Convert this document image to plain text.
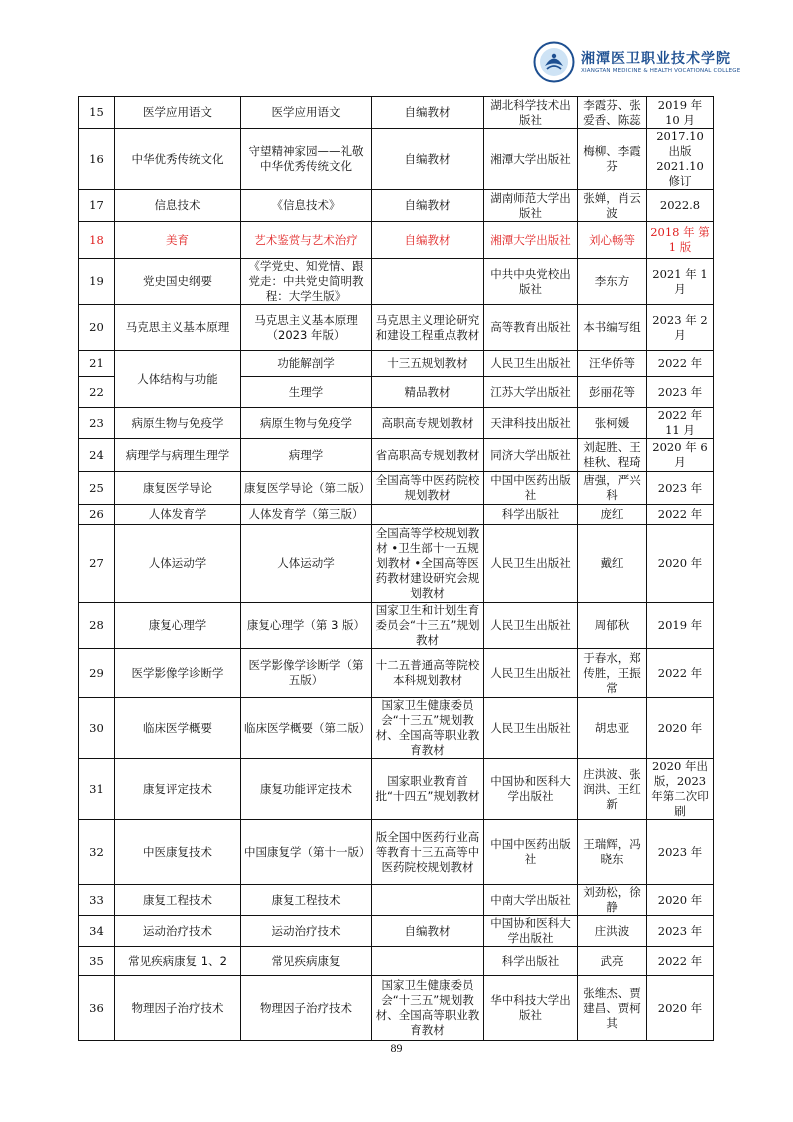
湘潭医卫职业技术学院
XIANGTAN MEDICINE & HEALTH VOCATIONAL COLLEGE
15	医学应用语文	医学应用语文	自编教材	湖北科学技术出版社	李霞芬、张爱香、陈蕊	2019 年 10 月
16	中华优秀传统文化	守望精神家园——礼敬中华优秀传统文化	自编教材	湘潭大学出版社	梅柳、李霞芬	2017.10 出版 2021.10 修订
17	信息技术	《信息技术》	自编教材	湖南师范大学出版社	张婵，肖云波	2022.8
18	美育	艺术鉴赏与艺术治疗	自编教材	湘潭大学出版社	刘心畅等	2018 年 第 1 版
19	党史国史纲要	《学党史、知党情、跟党走：中共党史简明教程：大学生版》		中共中央党校出版社	李东方	2021 年 1 月
20	马克思主义基本原理	马克思主义基本原理（2023 年版）	马克思主义理论研究和建设工程重点教材	高等教育出版社	本书编写组	2023 年 2 月
21	人体结构与功能	功能解剖学	十三五规划教材	人民卫生出版社	汪华侨等	2022 年
22		生理学	精品教材	江苏大学出版社	彭丽花等	2023 年
23	病原生物与免疫学	病原生物与免疫学	高职高专规划教材	天津科技出版社	张柯媛	2022 年 11 月
24	病理学与病理生理学	病理学	省高职高专规划教材	同济大学出版社	刘起胜、王桂秋、程琦	2020 年 6 月
25	康复医学导论	康复医学导论（第二版）	全国高等中医药院校规划教材	中国中医药出版社	唐强，严兴科	2023 年
26	人体发育学	人体发育学（第三版）		科学出版社	庞红	2022 年
27	人体运动学	人体运动学	全国高等学校规划教材 •卫生部十一五规划教材 •全国高等医药教材建设研究会规划教材	人民卫生出版社	戴红	2020 年
28	康复心理学	康复心理学（第 3 版）	国家卫生和计划生育委员会“十三五”规划教材	人民卫生出版社	周郁秋	2019 年
29	医学影像学诊断学	医学影像学诊断学（第五版）	十二五普通高等院校本科规划教材	人民卫生出版社	于春水，郑传胜，王振常	2022 年
30	临床医学概要	临床医学概要（第二版）	国家卫生健康委员会“十三五”规划教材、全国高等职业教育教材	人民卫生出版社	胡忠亚	2020 年
31	康复评定技术	康复功能评定技术	国家职业教育首批“十四五”规划教材	中国协和医科大学出版社	庄洪波、张润洪、王红新	2020 年出版，2023 年第二次印刷
32	中医康复技术	中国康复学（第十一版）	版全国中医药行业高等教育十三五高等中医药院校规划教材	中国中医药出版社	王瑞辉，冯晓东	2023 年
33	康复工程技术	康复工程技术		中南大学出版社	刘劲松，徐静	2020 年
34	运动治疗技术	运动治疗技术	自编教材	中国协和医科大学出版社	庄洪波	2023 年
35	常见疾病康复 1、2	常见疾病康复		科学出版社	武亮	2022 年
36	物理因子治疗技术	物理因子治疗技术	国家卫生健康委员会“十三五”规划教材、全国高等职业教育教材	华中科技大学出版社	张维杰、贾建昌、贾柯其	2020 年
89
